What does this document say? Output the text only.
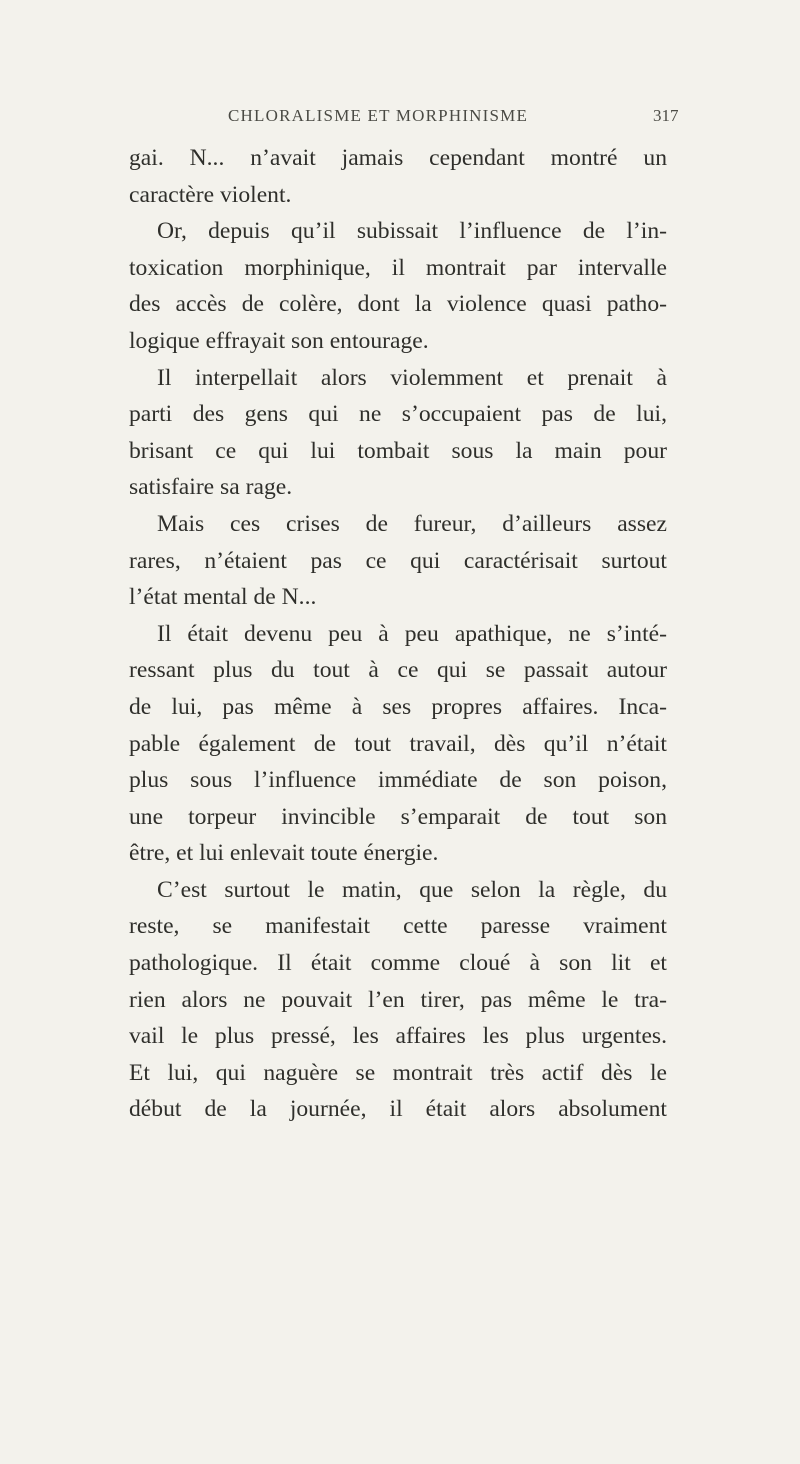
CHLORALISME ET MORPHINISME	317
gai. N... n’avait jamais cependant montré un
caractère violent.
Or, depuis qu’il subissait l’influence de l’in-
toxication morphinique, il montrait par intervalle
des accès de colère, dont la violence quasi patho-
logique effrayait son entourage.
Il interpellait alors violemment et prenait à
parti des gens qui ne s’occupaient pas de lui,
brisant ce qui lui tombait sous la main pour
satisfaire sa rage.
Mais ces crises de fureur, d’ailleurs assez
rares, n’étaient pas ce qui caractérisait surtout
l’état mental de N...
Il était devenu peu à peu apathique, ne s’inté-
ressant plus du tout à ce qui se passait autour
de lui, pas même à ses propres affaires. Inca-
pable également de tout travail, dès qu’il n’était
plus sous l’influence immédiate de son poison,
une torpeur invincible s’emparait de tout son
être, et lui enlevait toute énergie.
C’est surtout le matin, que selon la règle, du
reste, se manifestait cette paresse vraiment
pathologique. Il était comme cloué à son lit et
rien alors ne pouvait l’en tirer, pas même le tra-
vail le plus pressé, les affaires les plus urgentes.
Et lui, qui naguère se montrait très actif dès le
début de la journée, il était alors absolument
